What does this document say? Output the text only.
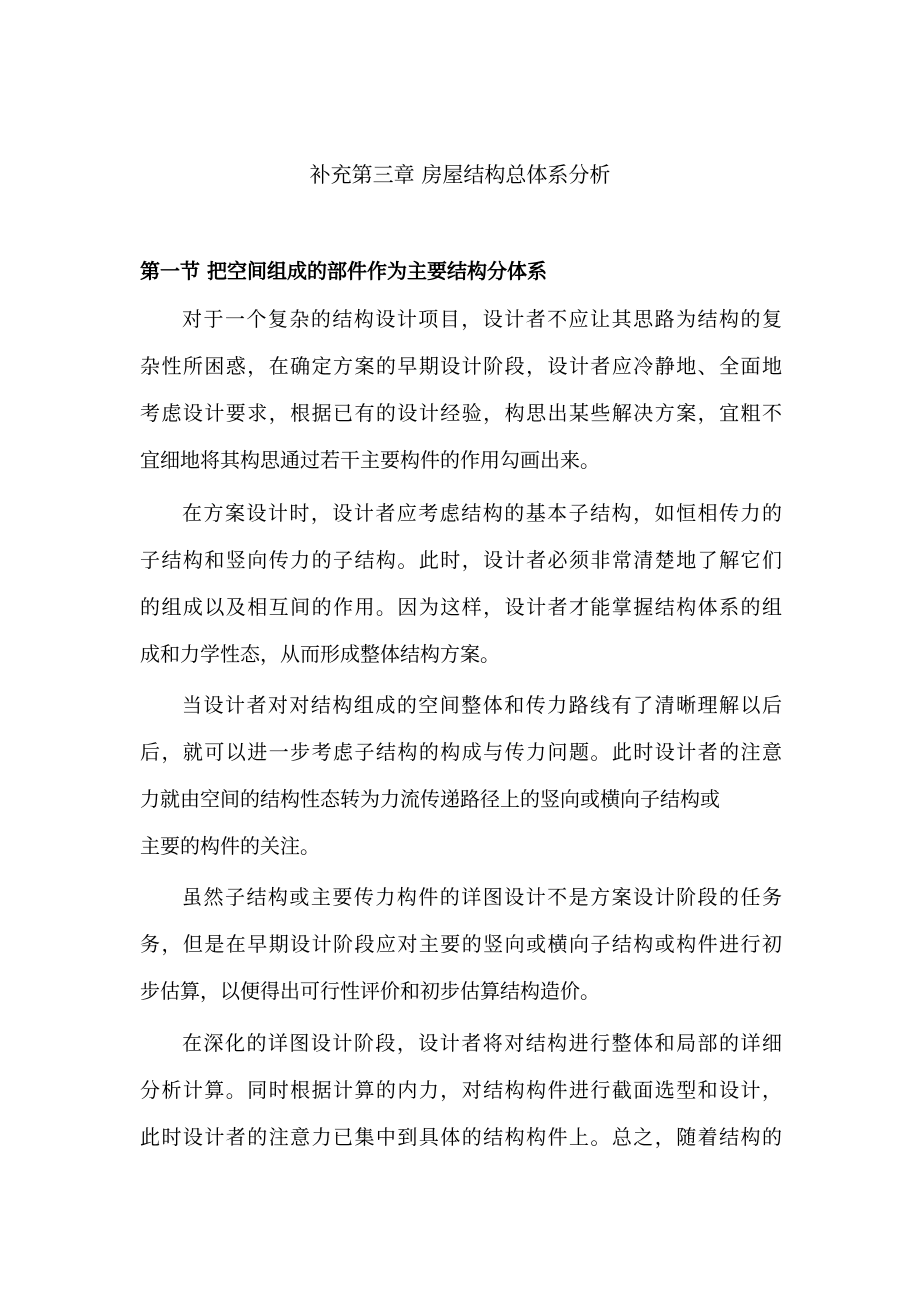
补充第三章 房屋结构总体系分析
第一节 把空间组成的部件作为主要结构分体系
对于一个复杂的结构设计项目，设计者不应让其思路为结构的复
杂性所困惑，在确定方案的早期设计阶段，设计者应冷静地、全面地
考虑设计要求，根据已有的设计经验，构思出某些解决方案，宜粗不
宜细地将其构思通过若干主要构件的作用勾画出来。
在方案设计时，设计者应考虑结构的基本子结构，如恒相传力的
子结构和竖向传力的子结构。此时，设计者必须非常清楚地了解它们
的组成以及相互间的作用。因为这样，设计者才能掌握结构体系的组
成和力学性态，从而形成整体结构方案。
当设计者对对结构组成的空间整体和传力路线有了清晰理解以后
后，就可以进一步考虑子结构的构成与传力问题。此时设计者的注意
力就由空间的结构性态转为力流传递路径上的竖向或横向子结构或
主要的构件的关注。
虽然子结构或主要传力构件的详图设计不是方案设计阶段的任务
务，但是在早期设计阶段应对主要的竖向或横向子结构或构件进行初
步估算，以便得出可行性评价和初步估算结构造价。
在深化的详图设计阶段，设计者将对结构进行整体和局部的详细
分析计算。同时根据计算的内力，对结构构件进行截面选型和设计，
此时设计者的注意力已集中到具体的结构构件上。总之，随着结构的
